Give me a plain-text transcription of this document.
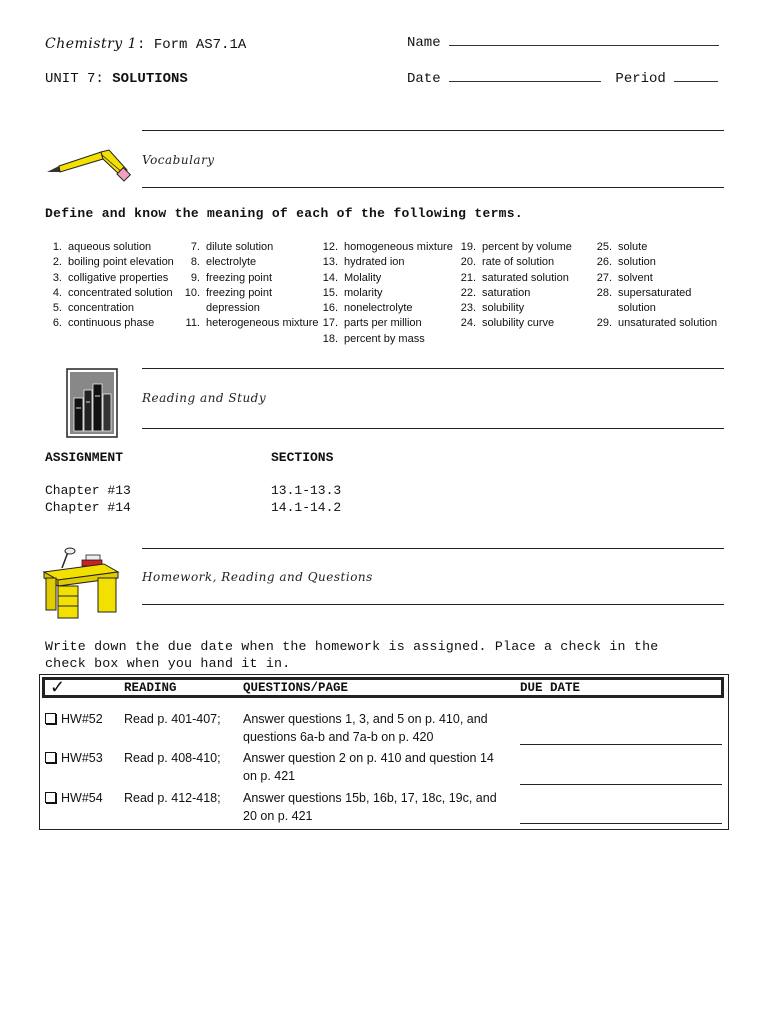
Chemistry 1: Form AS7.1A	Name
UNIT 7: SOLUTIONS	Date	Period
Vocabulary
Define and know the meaning of each of the following terms.
1. aqueous solution
2. boiling point elevation
3. colligative properties
4. concentrated solution
5. concentration
6. continuous phase
7. dilute solution
8. electrolyte
9. freezing point
10. freezing point
depression
11. heterogeneous mixture
12. homogeneous mixture
13. hydrated ion
14. Molality
15. molarity
16. nonelectrolyte
17. parts per million
18. percent by mass
19. percent by volume
20. rate of solution
21. saturated solution
22. saturation
23. solubility
24. solubility curve
25. solute
26. solution
27. solvent
28. supersaturated
solution
29. unsaturated solution
Reading and Study
ASSIGNMENT	SECTIONS
Chapter #13	13.1-13.3
Chapter #14	14.1-14.2
Homework, Reading and Questions
Write down the due date when the homework is assigned. Place a check in the
check box when you hand it in.
✓	READING	QUESTIONS/PAGE	DUE DATE
HW#52 Read p. 401-407; Answer questions 1, 3, and 5 on p. 410, and
questions 6a-b and 7a-b on p. 420
HW#53 Read p. 408-410; Answer question 2 on p. 410 and question 14
on p. 421
HW#54 Read p. 412-418; Answer questions 15b, 16b, 17, 18c, 19c, and
20 on p. 421
